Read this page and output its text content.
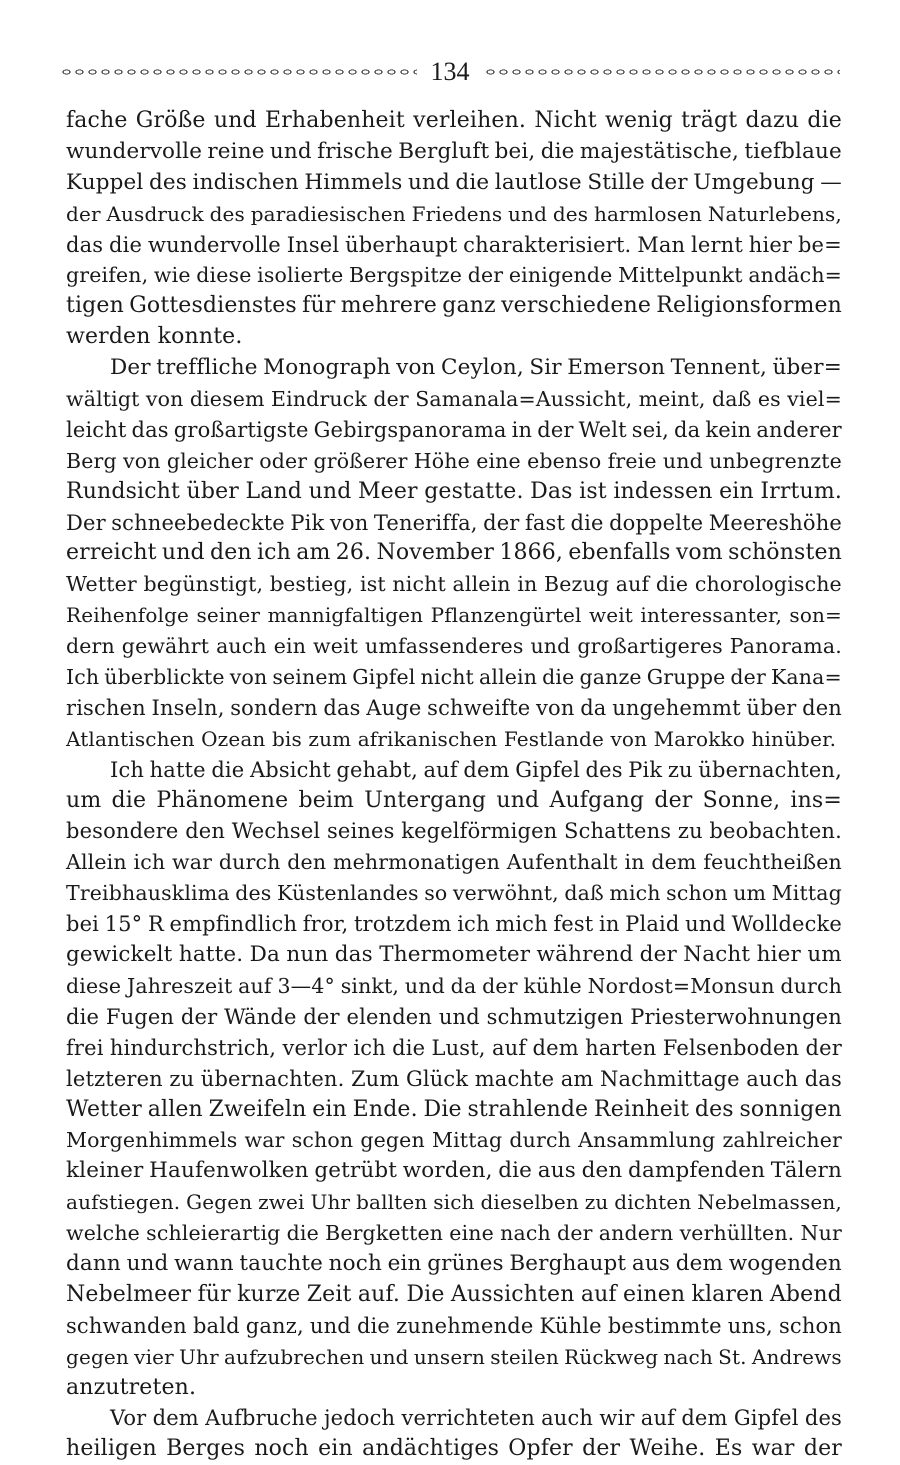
134
fache Größe und Erhabenheit verleihen. Nicht wenig trägt dazu die
wundervolle reine und frische Bergluft bei, die majestätische, tiefblaue
Kuppel des indischen Himmels und die lautlose Stille der Umgebung —
der Ausdruck des paradiesischen Friedens und des harmlosen Naturlebens,
das die wundervolle Insel überhaupt charakterisiert. Man lernt hier be=
greifen, wie diese isolierte Bergspitze der einigende Mittelpunkt andäch=
tigen Gottesdienstes für mehrere ganz verschiedene Religionsformen
werden konnte.
Der treffliche Monograph von Ceylon, Sir Emerson Tennent, über=
wältigt von diesem Eindruck der Samanala=Aussicht, meint, daß es viel=
leicht das großartigste Gebirgspanorama in der Welt sei, da kein anderer
Berg von gleicher oder größerer Höhe eine ebenso freie und unbegrenzte
Rundsicht über Land und Meer gestatte. Das ist indessen ein Irrtum.
Der schneebedeckte Pik von Teneriffa, der fast die doppelte Meereshöhe
erreicht und den ich am 26. November 1866, ebenfalls vom schönsten
Wetter begünstigt, bestieg, ist nicht allein in Bezug auf die chorologische
Reihenfolge seiner mannigfaltigen Pflanzengürtel weit interessanter, son=
dern gewährt auch ein weit umfassenderes und großartigeres Panorama.
Ich überblickte von seinem Gipfel nicht allein die ganze Gruppe der Kana=
rischen Inseln, sondern das Auge schweifte von da ungehemmt über den
Atlantischen Ozean bis zum afrikanischen Festlande von Marokko hinüber.
Ich hatte die Absicht gehabt, auf dem Gipfel des Pik zu übernachten,
um die Phänomene beim Untergang und Aufgang der Sonne, ins=
besondere den Wechsel seines kegelförmigen Schattens zu beobachten.
Allein ich war durch den mehrmonatigen Aufenthalt in dem feuchtheißen
Treibhausklima des Küstenlandes so verwöhnt, daß mich schon um Mittag
bei 15° R empfindlich fror, trotzdem ich mich fest in Plaid und Wolldecke
gewickelt hatte. Da nun das Thermometer während der Nacht hier um
diese Jahreszeit auf 3—4° sinkt, und da der kühle Nordost=Monsun durch
die Fugen der Wände der elenden und schmutzigen Priesterwohnungen
frei hindurchstrich, verlor ich die Lust, auf dem harten Felsenboden der
letzteren zu übernachten. Zum Glück machte am Nachmittage auch das
Wetter allen Zweifeln ein Ende. Die strahlende Reinheit des sonnigen
Morgenhimmels war schon gegen Mittag durch Ansammlung zahlreicher
kleiner Haufenwolken getrübt worden, die aus den dampfenden Tälern
aufstiegen. Gegen zwei Uhr ballten sich dieselben zu dichten Nebelmassen,
welche schleierartig die Bergketten eine nach der andern verhüllten. Nur
dann und wann tauchte noch ein grünes Berghaupt aus dem wogenden
Nebelmeer für kurze Zeit auf. Die Aussichten auf einen klaren Abend
schwanden bald ganz, und die zunehmende Kühle bestimmte uns, schon
gegen vier Uhr aufzubrechen und unsern steilen Rückweg nach St. Andrews
anzutreten.
Vor dem Aufbruche jedoch verrichteten auch wir auf dem Gipfel des
heiligen Berges noch ein andächtiges Opfer der Weihe. Es war der
